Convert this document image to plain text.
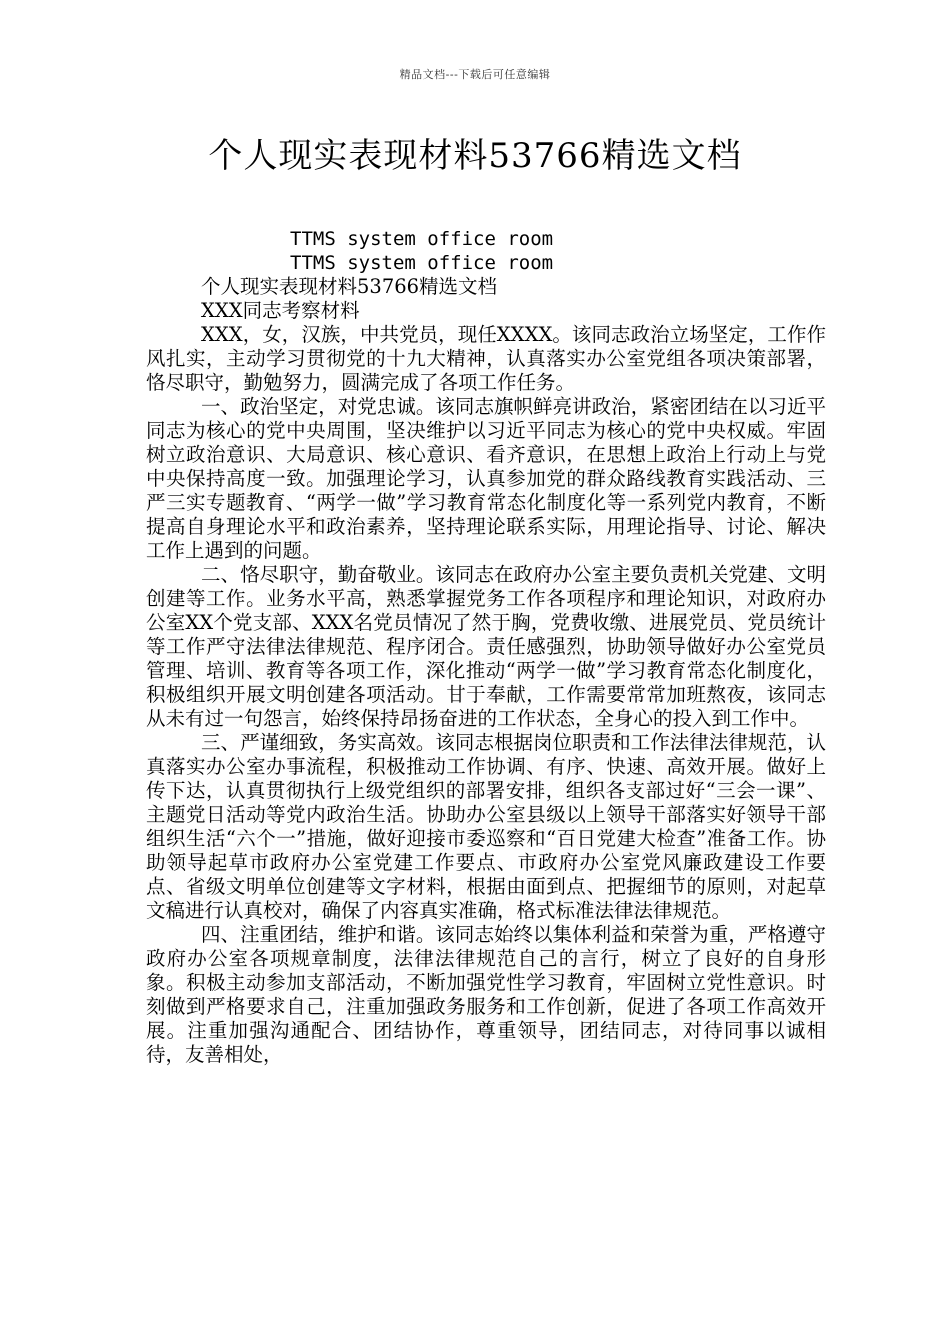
精品文档---下载后可任意编辑
个人现实表现材料53766精选文档

TTMS system office room

TTMS system office room

个人现实表现材料53766精选文档

XXX同志考察材料

XXX，女，汉族，中共党员，现任XXXX。该同志政治立场坚定，工作作风扎实，主动学习贯彻党的十九大精神，认真落实办公室党组各项决策部署，恪尽职守，勤勉努力，圆满完成了各项工作任务。

一、政治坚定，对党忠诚。该同志旗帜鲜亮讲政治，紧密团结在以习近平同志为核心的党中央周围，坚决维护以习近平同志为核心的党中央权威。牢固树立政治意识、大局意识、核心意识、看齐意识，在思想上政治上行动上与党中央保持高度一致。加强理论学习，认真参加党的群众路线教育实践活动、三严三实专题教育、“两学一做”学习教育常态化制度化等一系列党内教育，不断提高自身理论水平和政治素养，坚持理论联系实际，用理论指导、讨论、解决工作上遇到的问题。

二、恪尽职守，勤奋敬业。该同志在政府办公室主要负责机关党建、文明创建等工作。业务水平高，熟悉掌握党务工作各项程序和理论知识，对政府办公室XX个党支部、XXX名党员情况了然于胸，党费收缴、进展党员、党员统计等工作严守法律法律规范、程序闭合。责任感强烈，协助领导做好办公室党员管理、培训、教育等各项工作，深化推动“两学一做”学习教育常态化制度化，积极组织开展文明创建各项活动。甘于奉献，工作需要常常加班熬夜，该同志从未有过一句怨言，始终保持昂扬奋进的工作状态，全身心的投入到工作中。

三、严谨细致，务实高效。该同志根据岗位职责和工作法律法律规范，认真落实办公室办事流程，积极推动工作协调、有序、快速、高效开展。做好上传下达，认真贯彻执行上级党组织的部署安排，组织各支部过好“三会一课”、主题党日活动等党内政治生活。协助办公室县级以上领导干部落实好领导干部组织生活“六个一”措施，做好迎接市委巡察和“百日党建大检查”准备工作。协助领导起草市政府办公室党建工作要点、市政府办公室党风廉政建设工作要点、省级文明单位创建等文字材料，根据由面到点、把握细节的原则，对起草文稿进行认真校对，确保了内容真实准确，格式标准法律法律规范。

四、注重团结，维护和谐。该同志始终以集体利益和荣誉为重，严格遵守政府办公室各项规章制度，法律法律规范自己的言行，树立了良好的自身形象。积极主动参加支部活动，不断加强党性学习教育，牢固树立党性意识。时刻做到严格要求自己，注重加强政务服务和工作创新，促进了各项工作高效开展。注重加强沟通配合、团结协作，尊重领导，团结同志，对待同事以诚相待，友善相处，
